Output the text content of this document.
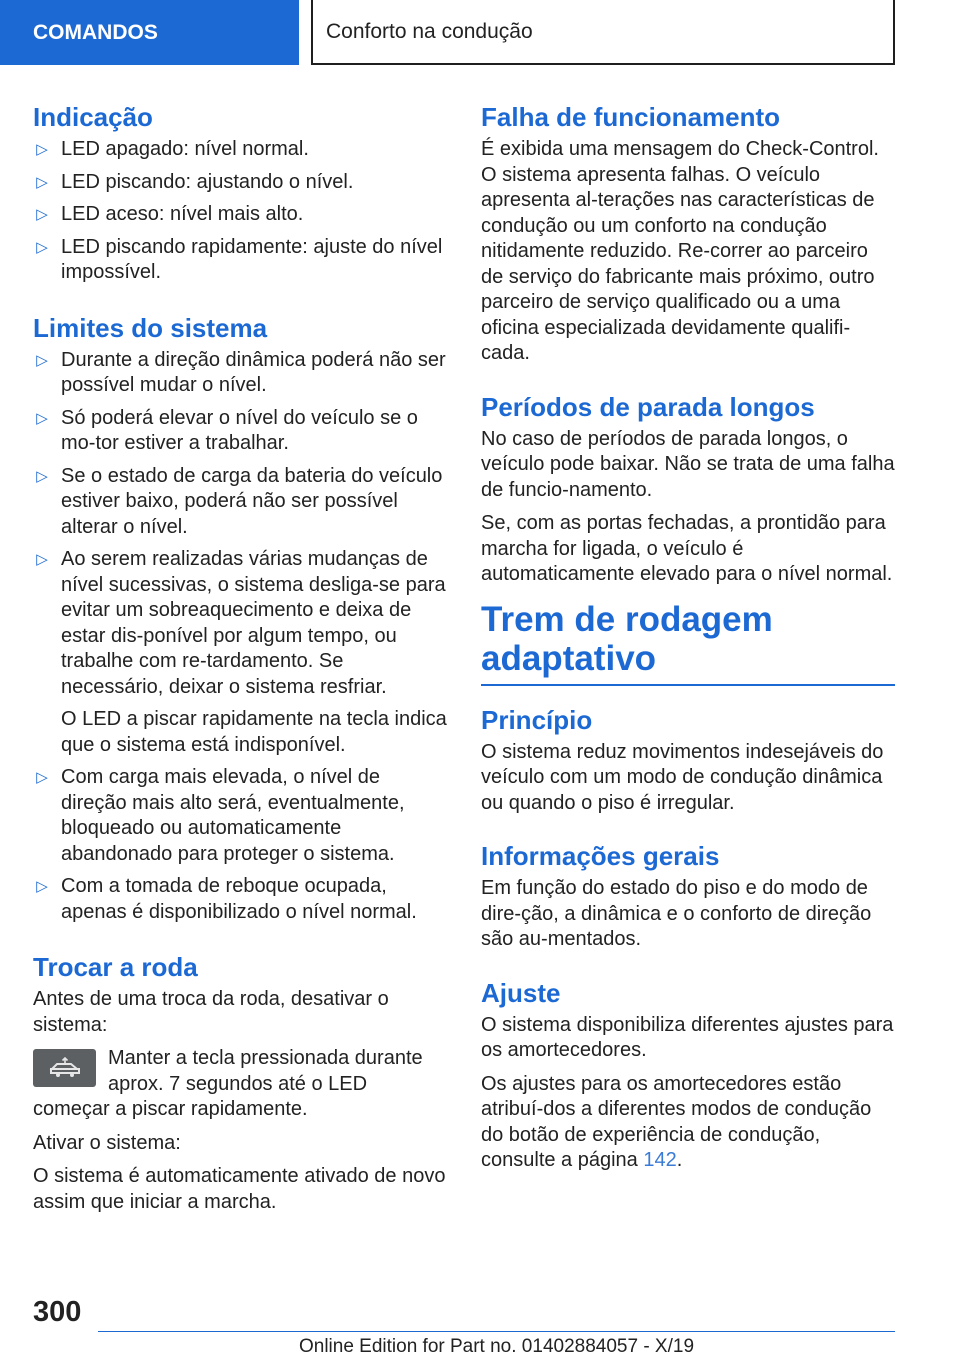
COMANDOS	Conforto na condução
Indicação
▷ LED apagado: nível normal.
▷ LED piscando: ajustando o nível.
▷ LED aceso: nível mais alto.
▷ LED piscando rapidamente: ajuste do nível impossível.
Limites do sistema
▷ Durante a direção dinâmica poderá não ser possível mudar o nível.
▷ Só poderá elevar o nível do veículo se o mo-tor estiver a trabalhar.
▷ Se o estado de carga da bateria do veículo estiver baixo, poderá não ser possível alterar o nível.
▷ Ao serem realizadas várias mudanças de nível sucessivas, o sistema desliga-se para evitar um sobreaquecimento e deixa de estar dis-ponível por algum tempo, ou trabalhe com re-tardamento. Se necessário, deixar o sistema resfriar.
O LED a piscar rapidamente na tecla indica que o sistema está indisponível.
▷ Com carga mais elevada, o nível de direção mais alto será, eventualmente, bloqueado ou automaticamente abandonado para proteger o sistema.
▷ Com a tomada de reboque ocupada, apenas é disponibilizado o nível normal.
Trocar a roda

Antes de uma troca da roda, desativar o sistema:

Manter a tecla pressionada durante aprox. 7 segundos até o LED começar a piscar rapidamente.

Ativar o sistema:

O sistema é automaticamente ativado de novo assim que iniciar a marcha.

Falha de funcionamento

É exibida uma mensagem do Check-Control. O sistema apresenta falhas. O veículo apresenta al-terações nas características de condução ou um conforto na condução nitidamente reduzido. Re-correr ao parceiro de serviço do fabricante mais próximo, outro parceiro de serviço qualificado ou a uma oficina especializada devidamente qualifi-cada.

Períodos de parada longos

No caso de períodos de parada longos, o veículo pode baixar. Não se trata de uma falha de funcio-namento.

Se, com as portas fechadas, a prontidão para marcha for ligada, o veículo é automaticamente elevado para o nível normal.

Trem de rodagem
adaptativo
Princípio

O sistema reduz movimentos indesejáveis do veículo com um modo de condução dinâmica ou quando o piso é irregular.

Informações gerais

Em função do estado do piso e do modo de dire-ção, a dinâmica e o conforto de direção são au-mentados.

Ajuste

O sistema disponibiliza diferentes ajustes para os amortecedores.

Os ajustes para os amortecedores estão atribuí-dos a diferentes modos de condução do botão de experiência de condução, consulte a página 142.

300
Online Edition for Part no. 01402884057 - X/19
